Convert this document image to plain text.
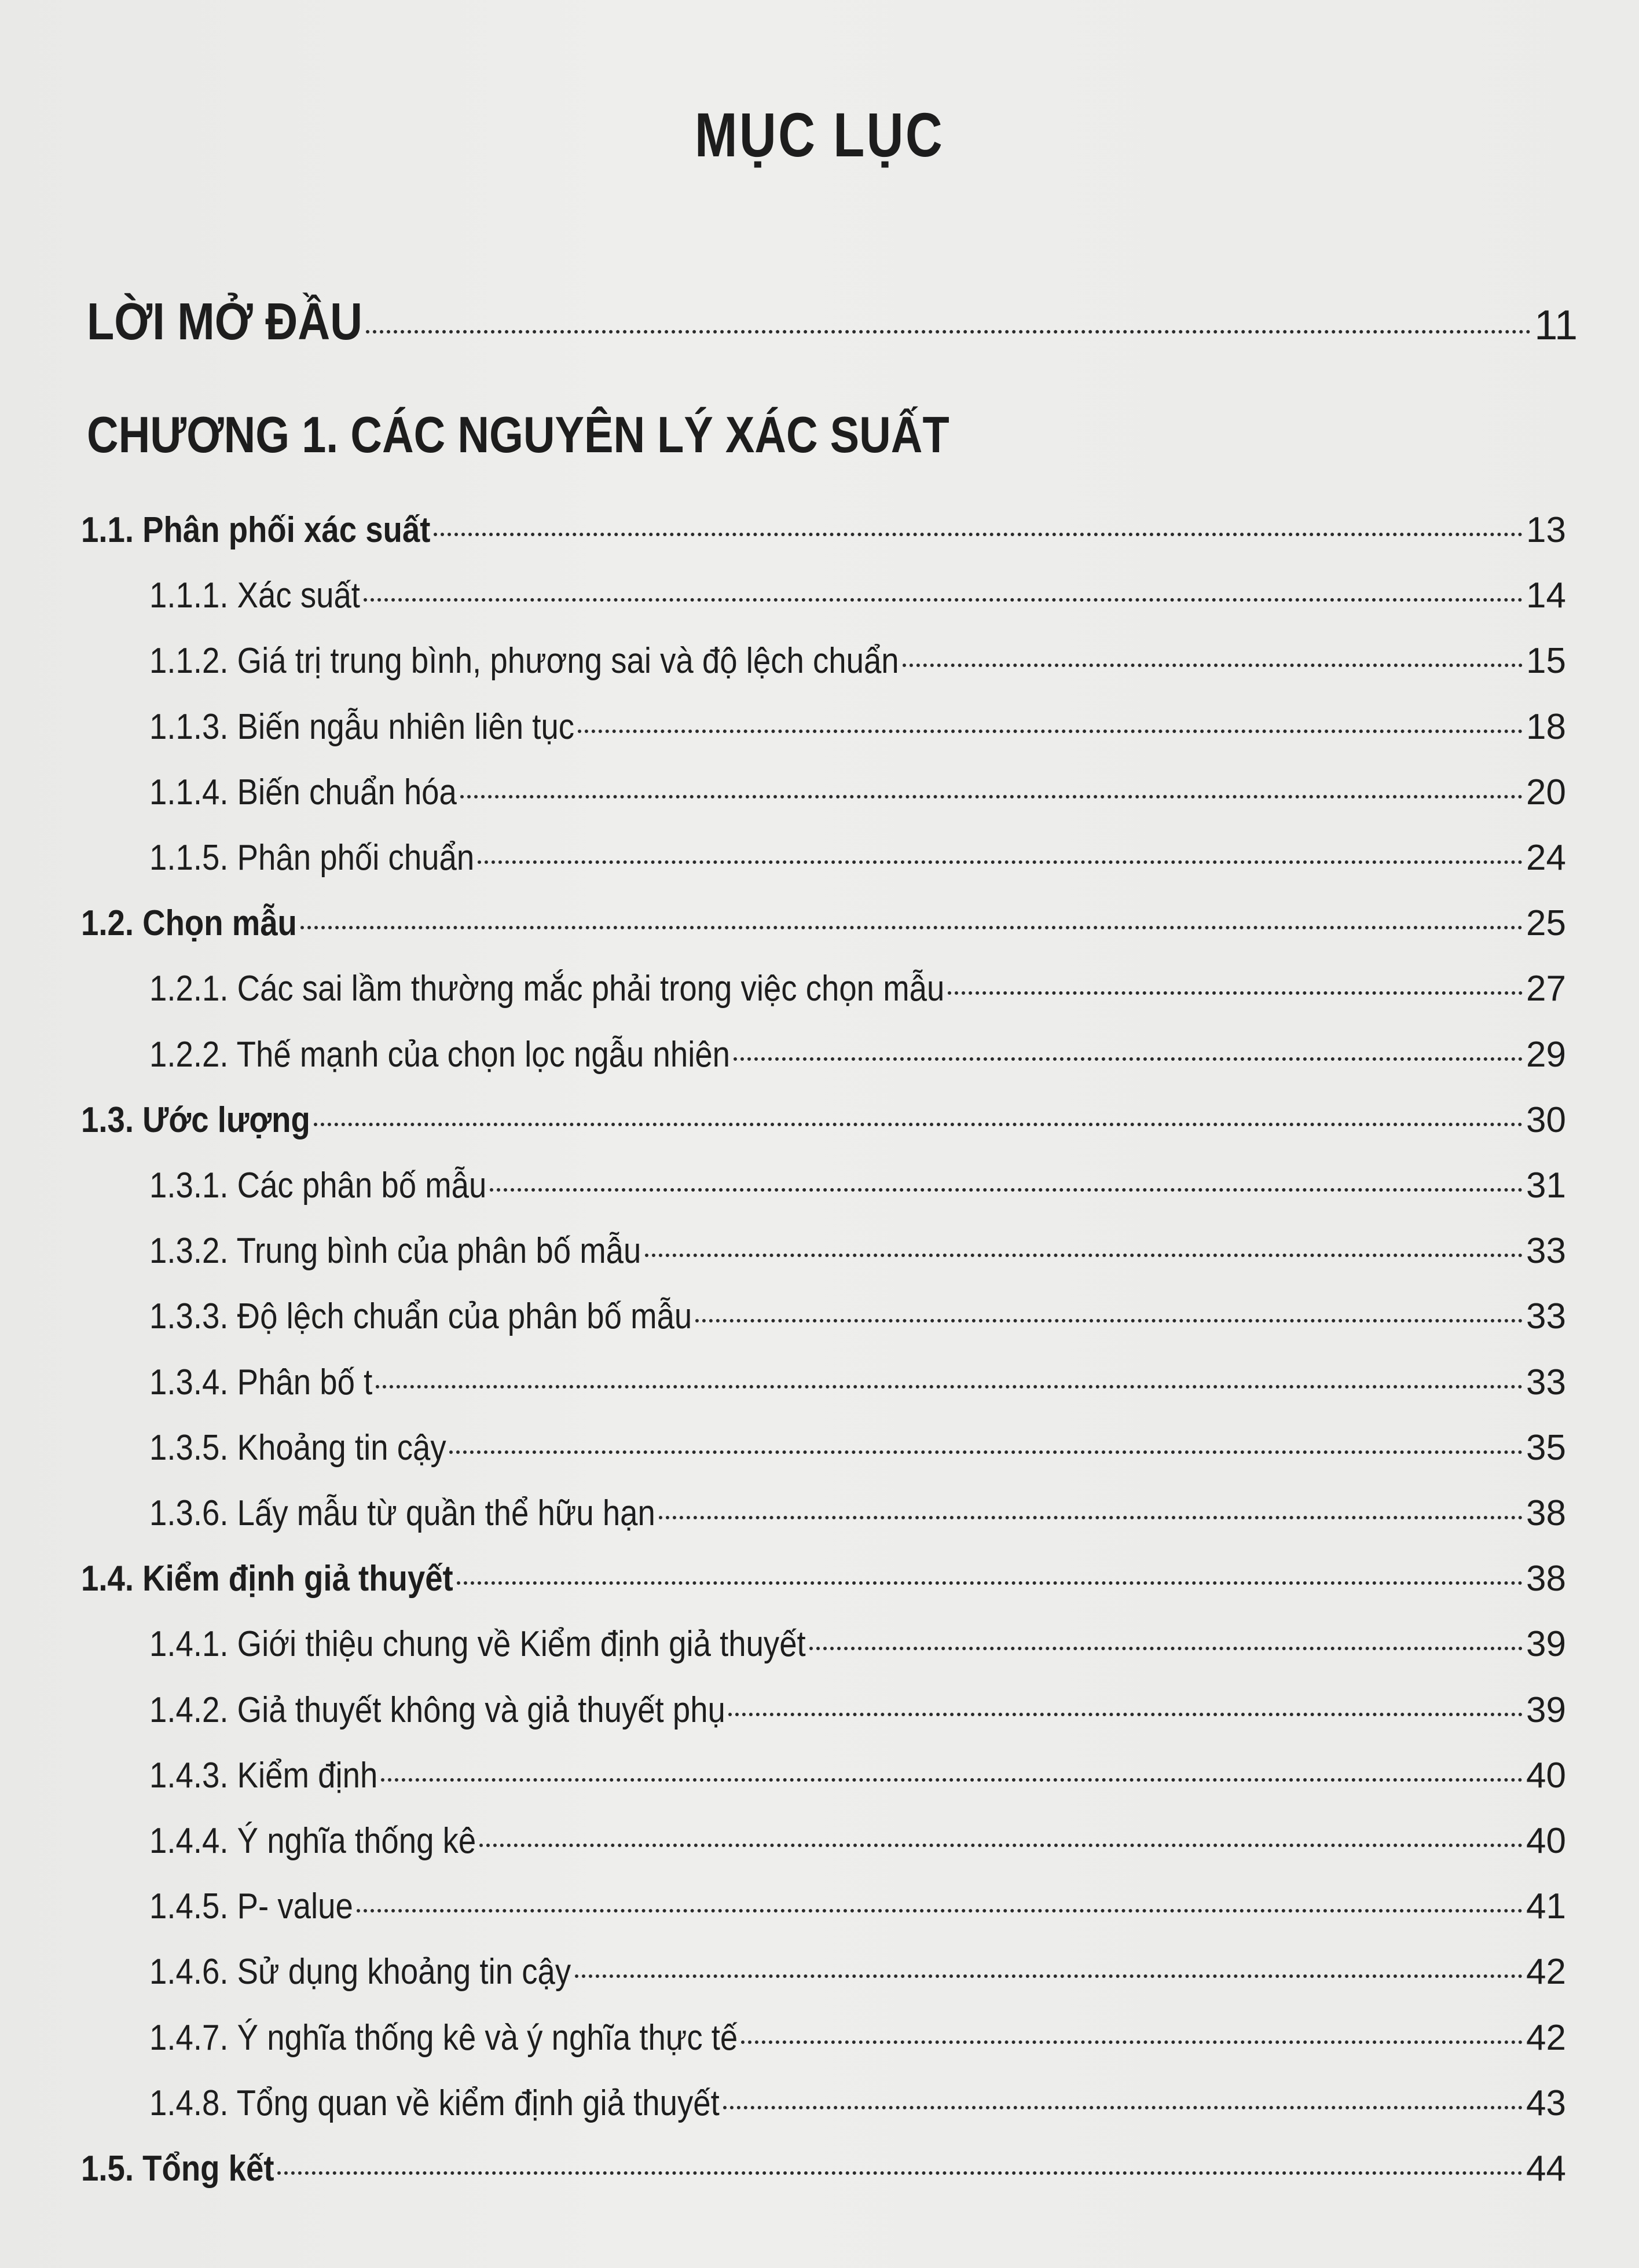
MỤC LỤC
LỜI MỞ ĐẦU	11
CHƯƠNG 1. CÁC NGUYÊN LÝ XÁC SUẤT
1.1. Phân phối xác suất	13
1.1.1. Xác suất	14
1.1.2. Giá trị trung bình, phương sai và độ lệch chuẩn	15
1.1.3. Biến ngẫu nhiên liên tục	18
1.1.4. Biến chuẩn hóa	20
1.1.5. Phân phối chuẩn	24
1.2. Chọn mẫu	25
1.2.1. Các sai lầm thường mắc phải trong việc chọn mẫu	27
1.2.2. Thế mạnh của chọn lọc ngẫu nhiên	29
1.3. Ước lượng	30
1.3.1. Các phân bố mẫu	31
1.3.2. Trung bình của phân bố mẫu	33
1.3.3. Độ lệch chuẩn của phân bố mẫu	33
1.3.4. Phân bố t	33
1.3.5. Khoảng tin cậy	35
1.3.6. Lấy mẫu từ quần thể hữu hạn	38
1.4. Kiểm định giả thuyết	38
1.4.1. Giới thiệu chung về Kiểm định giả thuyết	39
1.4.2. Giả thuyết không và giả thuyết phụ	39
1.4.3. Kiểm định	40
1.4.4. Ý nghĩa thống kê	40
1.4.5. P- value	41
1.4.6. Sử dụng khoảng tin cậy	42
1.4.7. Ý nghĩa thống kê và ý nghĩa thực tế	42
1.4.8. Tổng quan về kiểm định giả thuyết	43
1.5. Tổng kết	44
